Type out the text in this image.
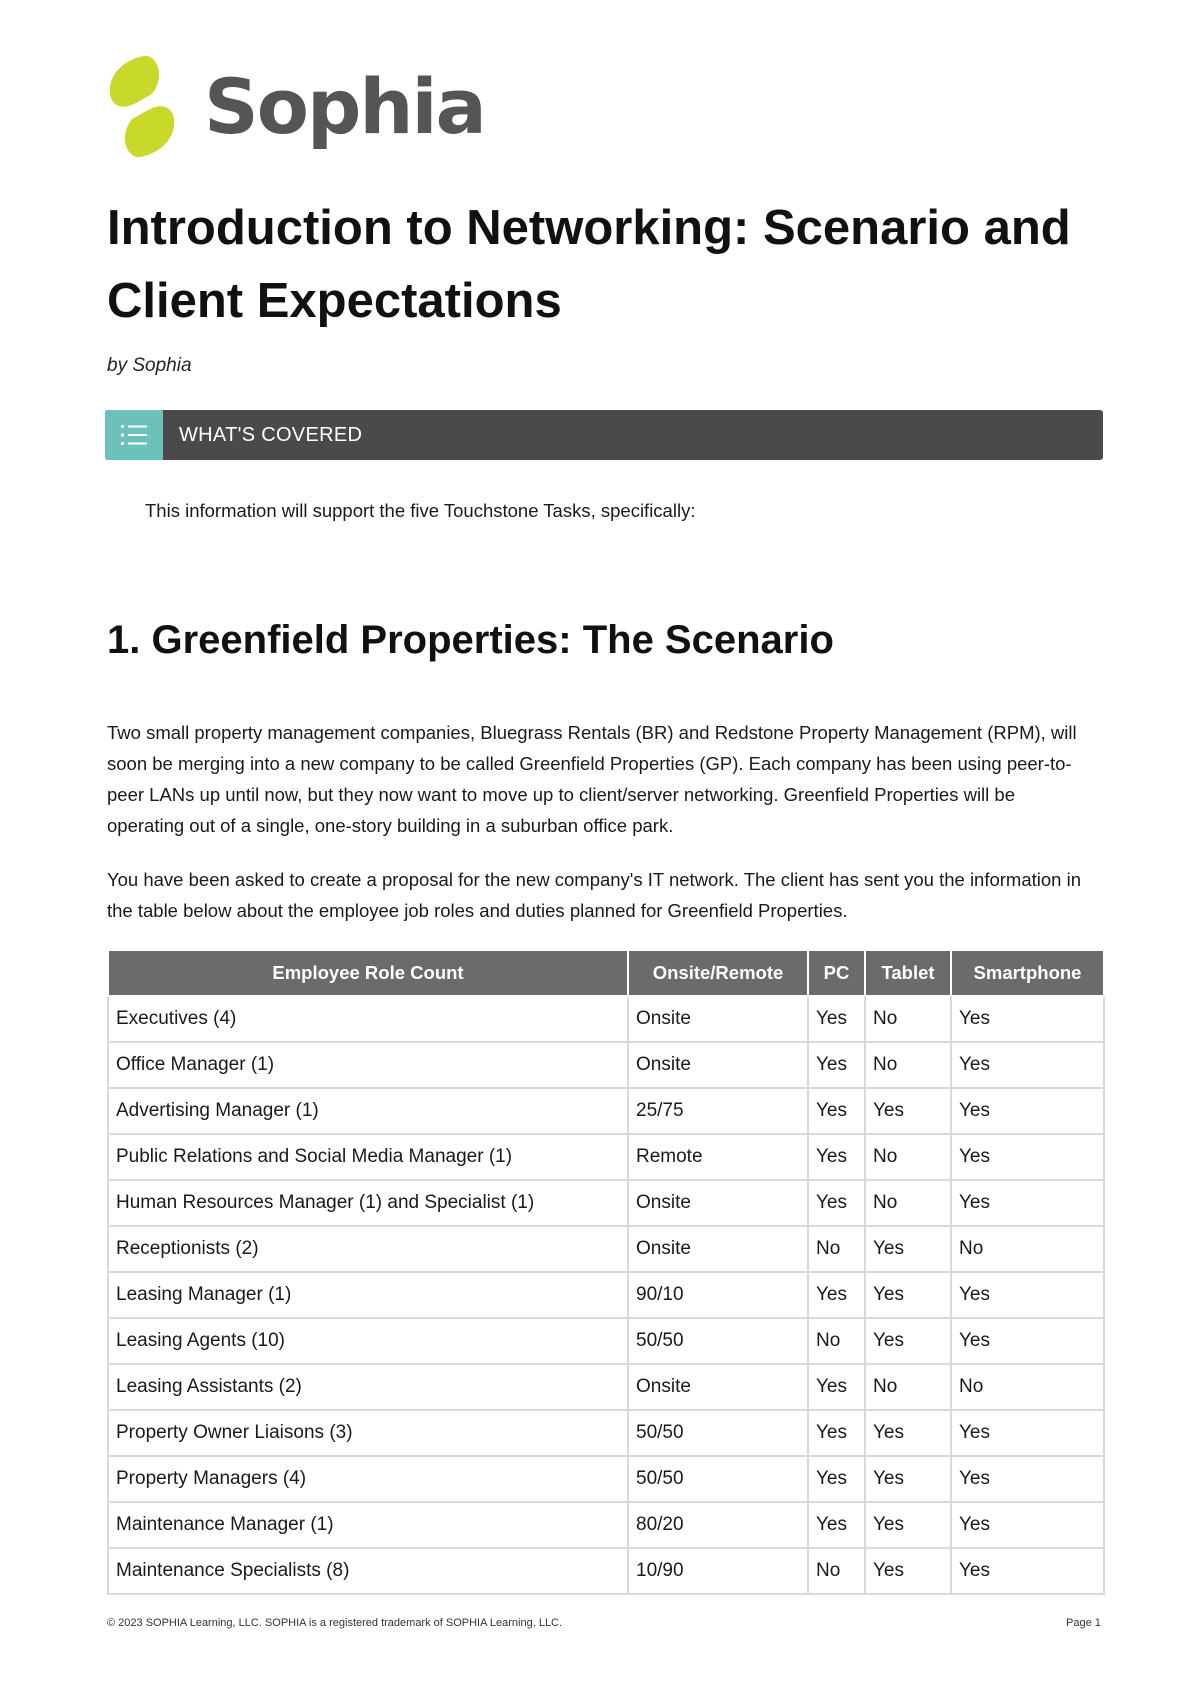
Sophia
Introduction to Networking: Scenario and Client Expectations
by Sophia
WHAT'S COVERED
This information will support the five Touchstone Tasks, specifically:
1. Greenfield Properties: The Scenario

Two small property management companies, Bluegrass Rentals (BR) and Redstone Property Management (RPM), will soon be merging into a new company to be called Greenfield Properties (GP). Each company has been using peer-to-peer LANs up until now, but they now want to move up to client/server networking. Greenfield Properties will be operating out of a single, one-story building in a suburban office park.

You have been asked to create a proposal for the new company's IT network. The client has sent you the information in the table below about the employee job roles and duties planned for Greenfield Properties.

Employee Role Count	Onsite/Remote	PC	Tablet	Smartphone
Executives (4)	Onsite	Yes	No	Yes
Office Manager (1)	Onsite	Yes	No	Yes
Advertising Manager (1)	25/75	Yes	Yes	Yes
Public Relations and Social Media Manager (1)	Remote	Yes	No	Yes
Human Resources Manager (1) and Specialist (1)	Onsite	Yes	No	Yes
Receptionists (2)	Onsite	No	Yes	No
Leasing Manager (1)	90/10	Yes	Yes	Yes
Leasing Agents (10)	50/50	No	Yes	Yes
Leasing Assistants (2)	Onsite	Yes	No	No
Property Owner Liaisons (3)	50/50	Yes	Yes	Yes
Property Managers (4)	50/50	Yes	Yes	Yes
Maintenance Manager (1)	80/20	Yes	Yes	Yes
Maintenance Specialists (8)	10/90	No	Yes	Yes
© 2023 SOPHIA Learning, LLC. SOPHIA is a registered trademark of SOPHIA Learning, LLC.	Page 1
